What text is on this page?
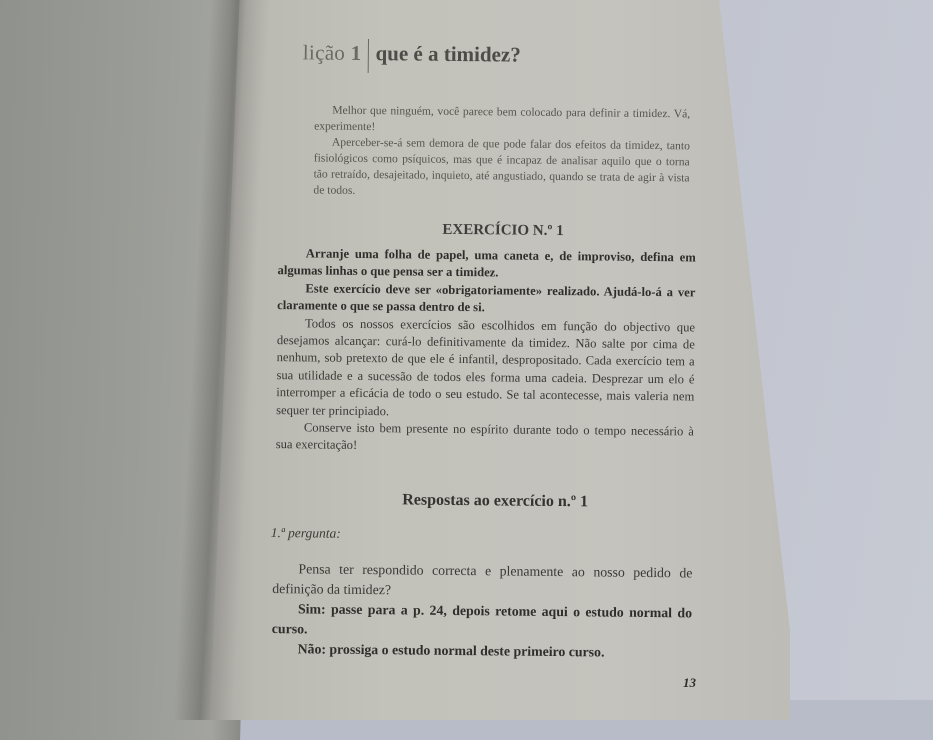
lição 1 que é a timidez?

Melhor que ninguém, você parece bem colocado para definir a timidez. Vá, experimente!

Aperceber-se-á sem demora de que pode falar dos efeitos da timidez, tanto fisiológicos como psíquicos, mas que é incapaz de analisar aquilo que o torna tão retraído, desajeitado, inquieto, até angustiado, quando se trata de agir à vista de todos.

EXERCÍCIO N.º 1

Arranje uma folha de papel, uma caneta e, de improviso, defina em algumas linhas o que pensa ser a timidez.

Este exercício deve ser «obrigatoriamente» realizado. Ajudá-lo-á a ver claramente o que se passa dentro de si.

Todos os nossos exercícios são escolhidos em função do objectivo que desejamos alcançar: curá-lo definitivamente da timidez. Não salte por cima de nenhum, sob pretexto de que ele é infantil, despropositado. Cada exercício tem a sua utilidade e a sucessão de todos eles forma uma cadeia. Desprezar um elo é interromper a eficácia de todo o seu estudo. Se tal acontecesse, mais valeria nem sequer ter principiado.

Conserve isto bem presente no espírito durante todo o tempo necessário à sua exercitação!

Respostas ao exercício n.º 1
1.ª pergunta:

Pensa ter respondido correcta e plenamente ao nosso pedido de definição da timidez?

Sim: passe para a p. 24, depois retome aqui o estudo normal do curso.

Não: prossiga o estudo normal deste primeiro curso.

13
